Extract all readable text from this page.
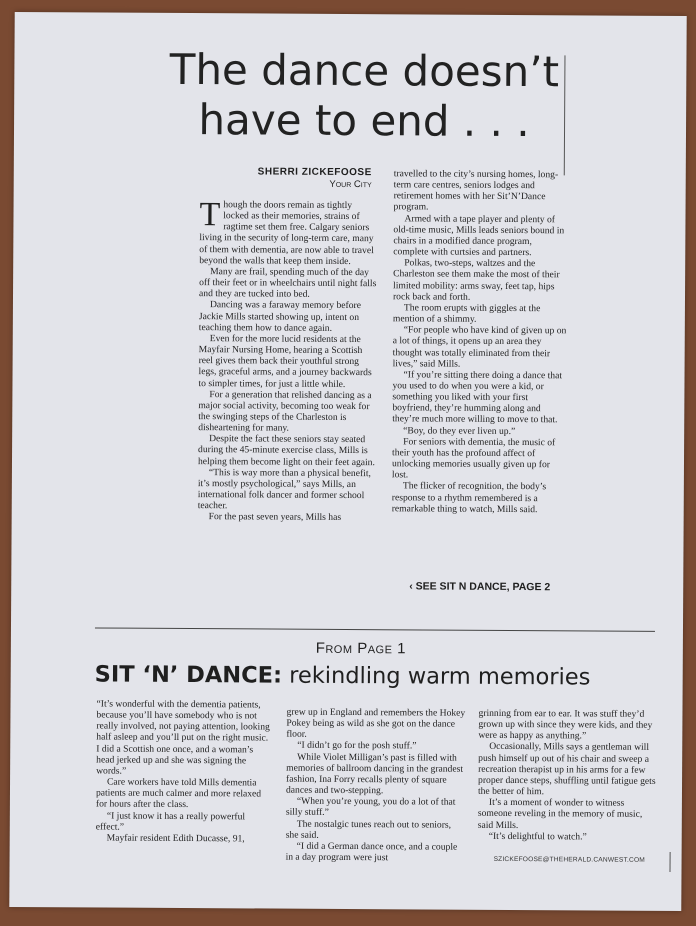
The dance doesn’t have to end . . .
SHERRI ZICKEFOOSE
Your City

Though the doors remain as tightly locked as their memories, strains of ragtime set them free. Calgary seniors living in the security of long-term care, many of them with dementia, are now able to travel beyond the walls that keep them inside.

Many are frail, spending much of the day off their feet or in wheelchairs until night falls and they are tucked into bed.

Dancing was a faraway memory before Jackie Mills started showing up, intent on teaching them how to dance again.

Even for the more lucid residents at the Mayfair Nursing Home, hearing a Scottish reel gives them back their youthful strong legs, graceful arms, and a journey backwards to simpler times, for just a little while.

For a generation that relished dancing as a major social activity, becoming too weak for the swinging steps of the Charleston is disheartening for many.

Despite the fact these seniors stay seated during the 45-minute exercise class, Mills is helping them become light on their feet again.

“This is way more than a physical benefit, it’s mostly psychological,” says Mills, an international folk dancer and former school teacher.

For the past seven years, Mills has

travelled to the city’s nursing homes, long-term care centres, seniors lodges and retirement homes with her Sit’N’Dance program.

Armed with a tape player and plenty of old-time music, Mills leads seniors bound in chairs in a modified dance program, complete with curtsies and partners.

Polkas, two-steps, waltzes and the Charleston see them make the most of their limited mobility: arms sway, feet tap, hips rock back and forth.

The room erupts with giggles at the mention of a shimmy.

“For people who have kind of given up on a lot of things, it opens up an area they thought was totally eliminated from their lives,” said Mills.

“If you’re sitting there doing a dance that you used to do when you were a kid, or something you liked with your first boyfriend, they’re humming along and they’re much more willing to move to that.

“Boy, do they ever liven up.”

For seniors with dementia, the music of their youth has the profound affect of unlocking memories usually given up for lost.

The flicker of recognition, the body’s response to a rhythm remembered is a remarkable thing to watch, Mills said.

‹ SEE SIT N DANCE, PAGE 2
From Page 1
SIT ‘N’ DANCE: rekindling warm memories

“It’s wonderful with the dementia patients, because you’ll have somebody who is not really involved, not paying attention, looking half asleep and you’ll put on the right music. I did a Scottish one once, and a woman’s head jerked up and she was signing the words.”

Care workers have told Mills dementia patients are much calmer and more relaxed for hours after the class.

“I just know it has a really powerful effect.”

Mayfair resident Edith Ducasse, 91,

grew up in England and remembers the Hokey Pokey being as wild as she got on the dance floor.

“I didn’t go for the posh stuff.”

While Violet Milligan’s past is filled with memories of ballroom dancing in the grandest fashion, Ina Forry recalls plenty of square dances and two-stepping.

“When you’re young, you do a lot of that silly stuff.”

The nostalgic tunes reach out to seniors, she said.

“I did a German dance once, and a couple in a day program were just

grinning from ear to ear. It was stuff they’d grown up with since they were kids, and they were as happy as anything.”

Occasionally, Mills says a gentleman will push himself up out of his chair and sweep a recreation therapist up in his arms for a few proper dance steps, shuffling until fatigue gets the better of him.

It’s a moment of wonder to witness someone reveling in the memory of music, said Mills.

“It’s delightful to watch.”

SZICKEFOOSE@THEHERALD.CANWEST.COM
